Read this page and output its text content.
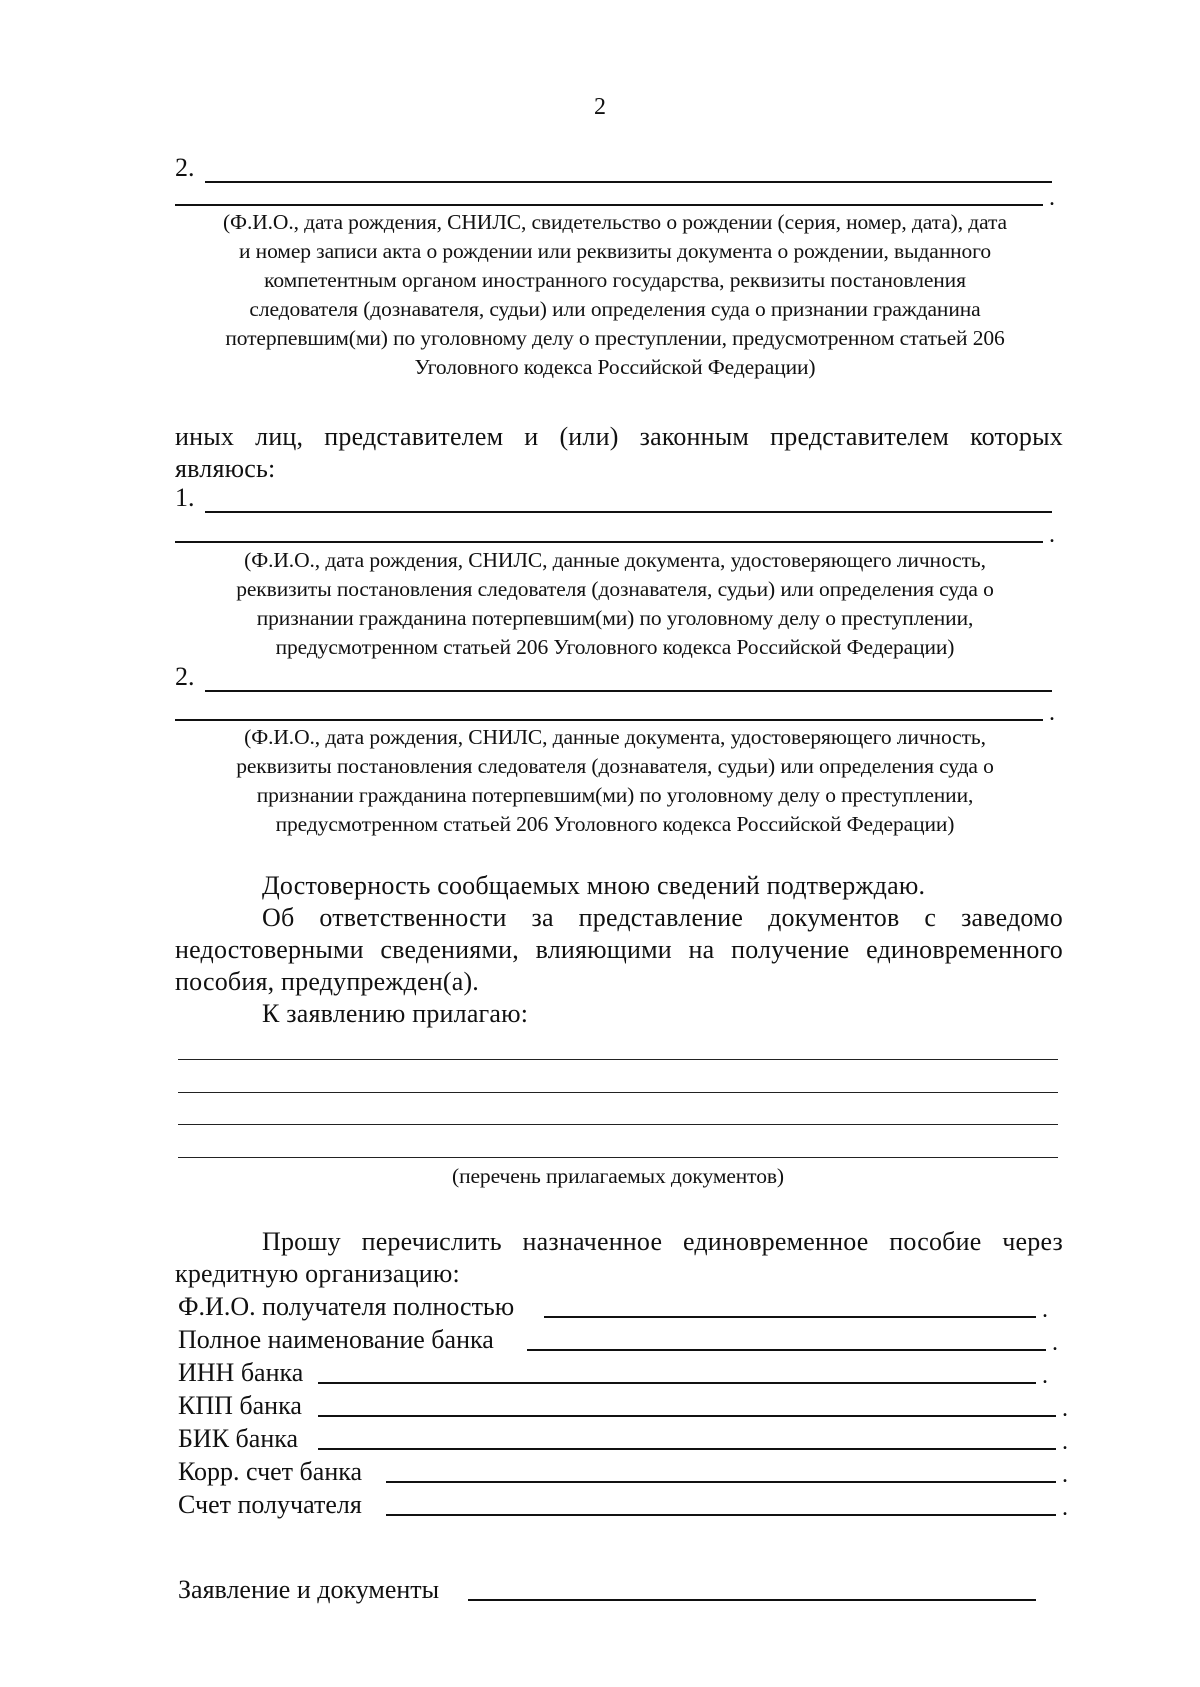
2
2.
.
(Ф.И.О., дата рождения, СНИЛС, свидетельство о рождении (серия, номер, дата), дата
и номер записи акта о рождении или реквизиты документа о рождении, выданного
компетентным органом иностранного государства, реквизиты постановления
следователя (дознавателя, судьи) или определения суда о признании гражданина
потерпевшим(ми) по уголовному делу о преступлении, предусмотренном статьей 206
Уголовного кодекса Российской Федерации)
иных лиц, представителем и (или) законным представителем которых
являюсь:
1.
.
(Ф.И.О., дата рождения, СНИЛС, данные документа, удостоверяющего личность,
реквизиты постановления следователя (дознавателя, судьи) или определения суда о
признании гражданина потерпевшим(ми) по уголовному делу о преступлении,
предусмотренном статьей 206 Уголовного кодекса Российской Федерации)
2.
.
(Ф.И.О., дата рождения, СНИЛС, данные документа, удостоверяющего личность,
реквизиты постановления следователя (дознавателя, судьи) или определения суда о
признании гражданина потерпевшим(ми) по уголовному делу о преступлении,
предусмотренном статьей 206 Уголовного кодекса Российской Федерации)
Достоверность сообщаемых мною сведений подтверждаю.
Об ответственности за представление документов с заведомо
недостоверными сведениями, влияющими на получение единовременного
пособия, предупрежден(а).
К заявлению прилагаю:
(перечень прилагаемых документов)
Прошу перечислить назначенное единовременное пособие через
кредитную организацию:
Ф.И.О. получателя полностью	.
Полное наименование банка	.
ИНН банка	.
КПП банка	.
БИК банка	.
Корр. счет банка	.
Счет получателя	.
Заявление и документы
